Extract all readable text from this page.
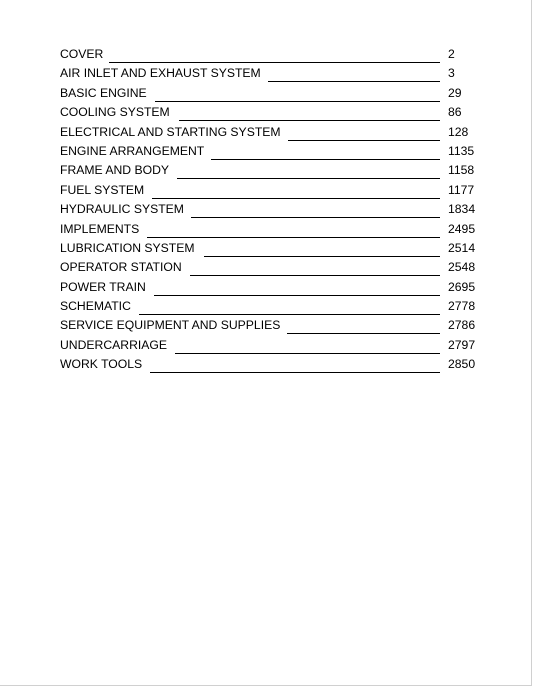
COVER	2
AIR INLET AND EXHAUST SYSTEM	3
BASIC ENGINE	29
COOLING SYSTEM	86
ELECTRICAL AND STARTING SYSTEM	128
ENGINE ARRANGEMENT	1135
FRAME AND BODY	1158
FUEL SYSTEM	1177
HYDRAULIC SYSTEM	1834
IMPLEMENTS	2495
LUBRICATION SYSTEM	2514
OPERATOR STATION	2548
POWER TRAIN	2695
SCHEMATIC	2778
SERVICE EQUIPMENT AND SUPPLIES	2786
UNDERCARRIAGE	2797
WORK TOOLS	2850
